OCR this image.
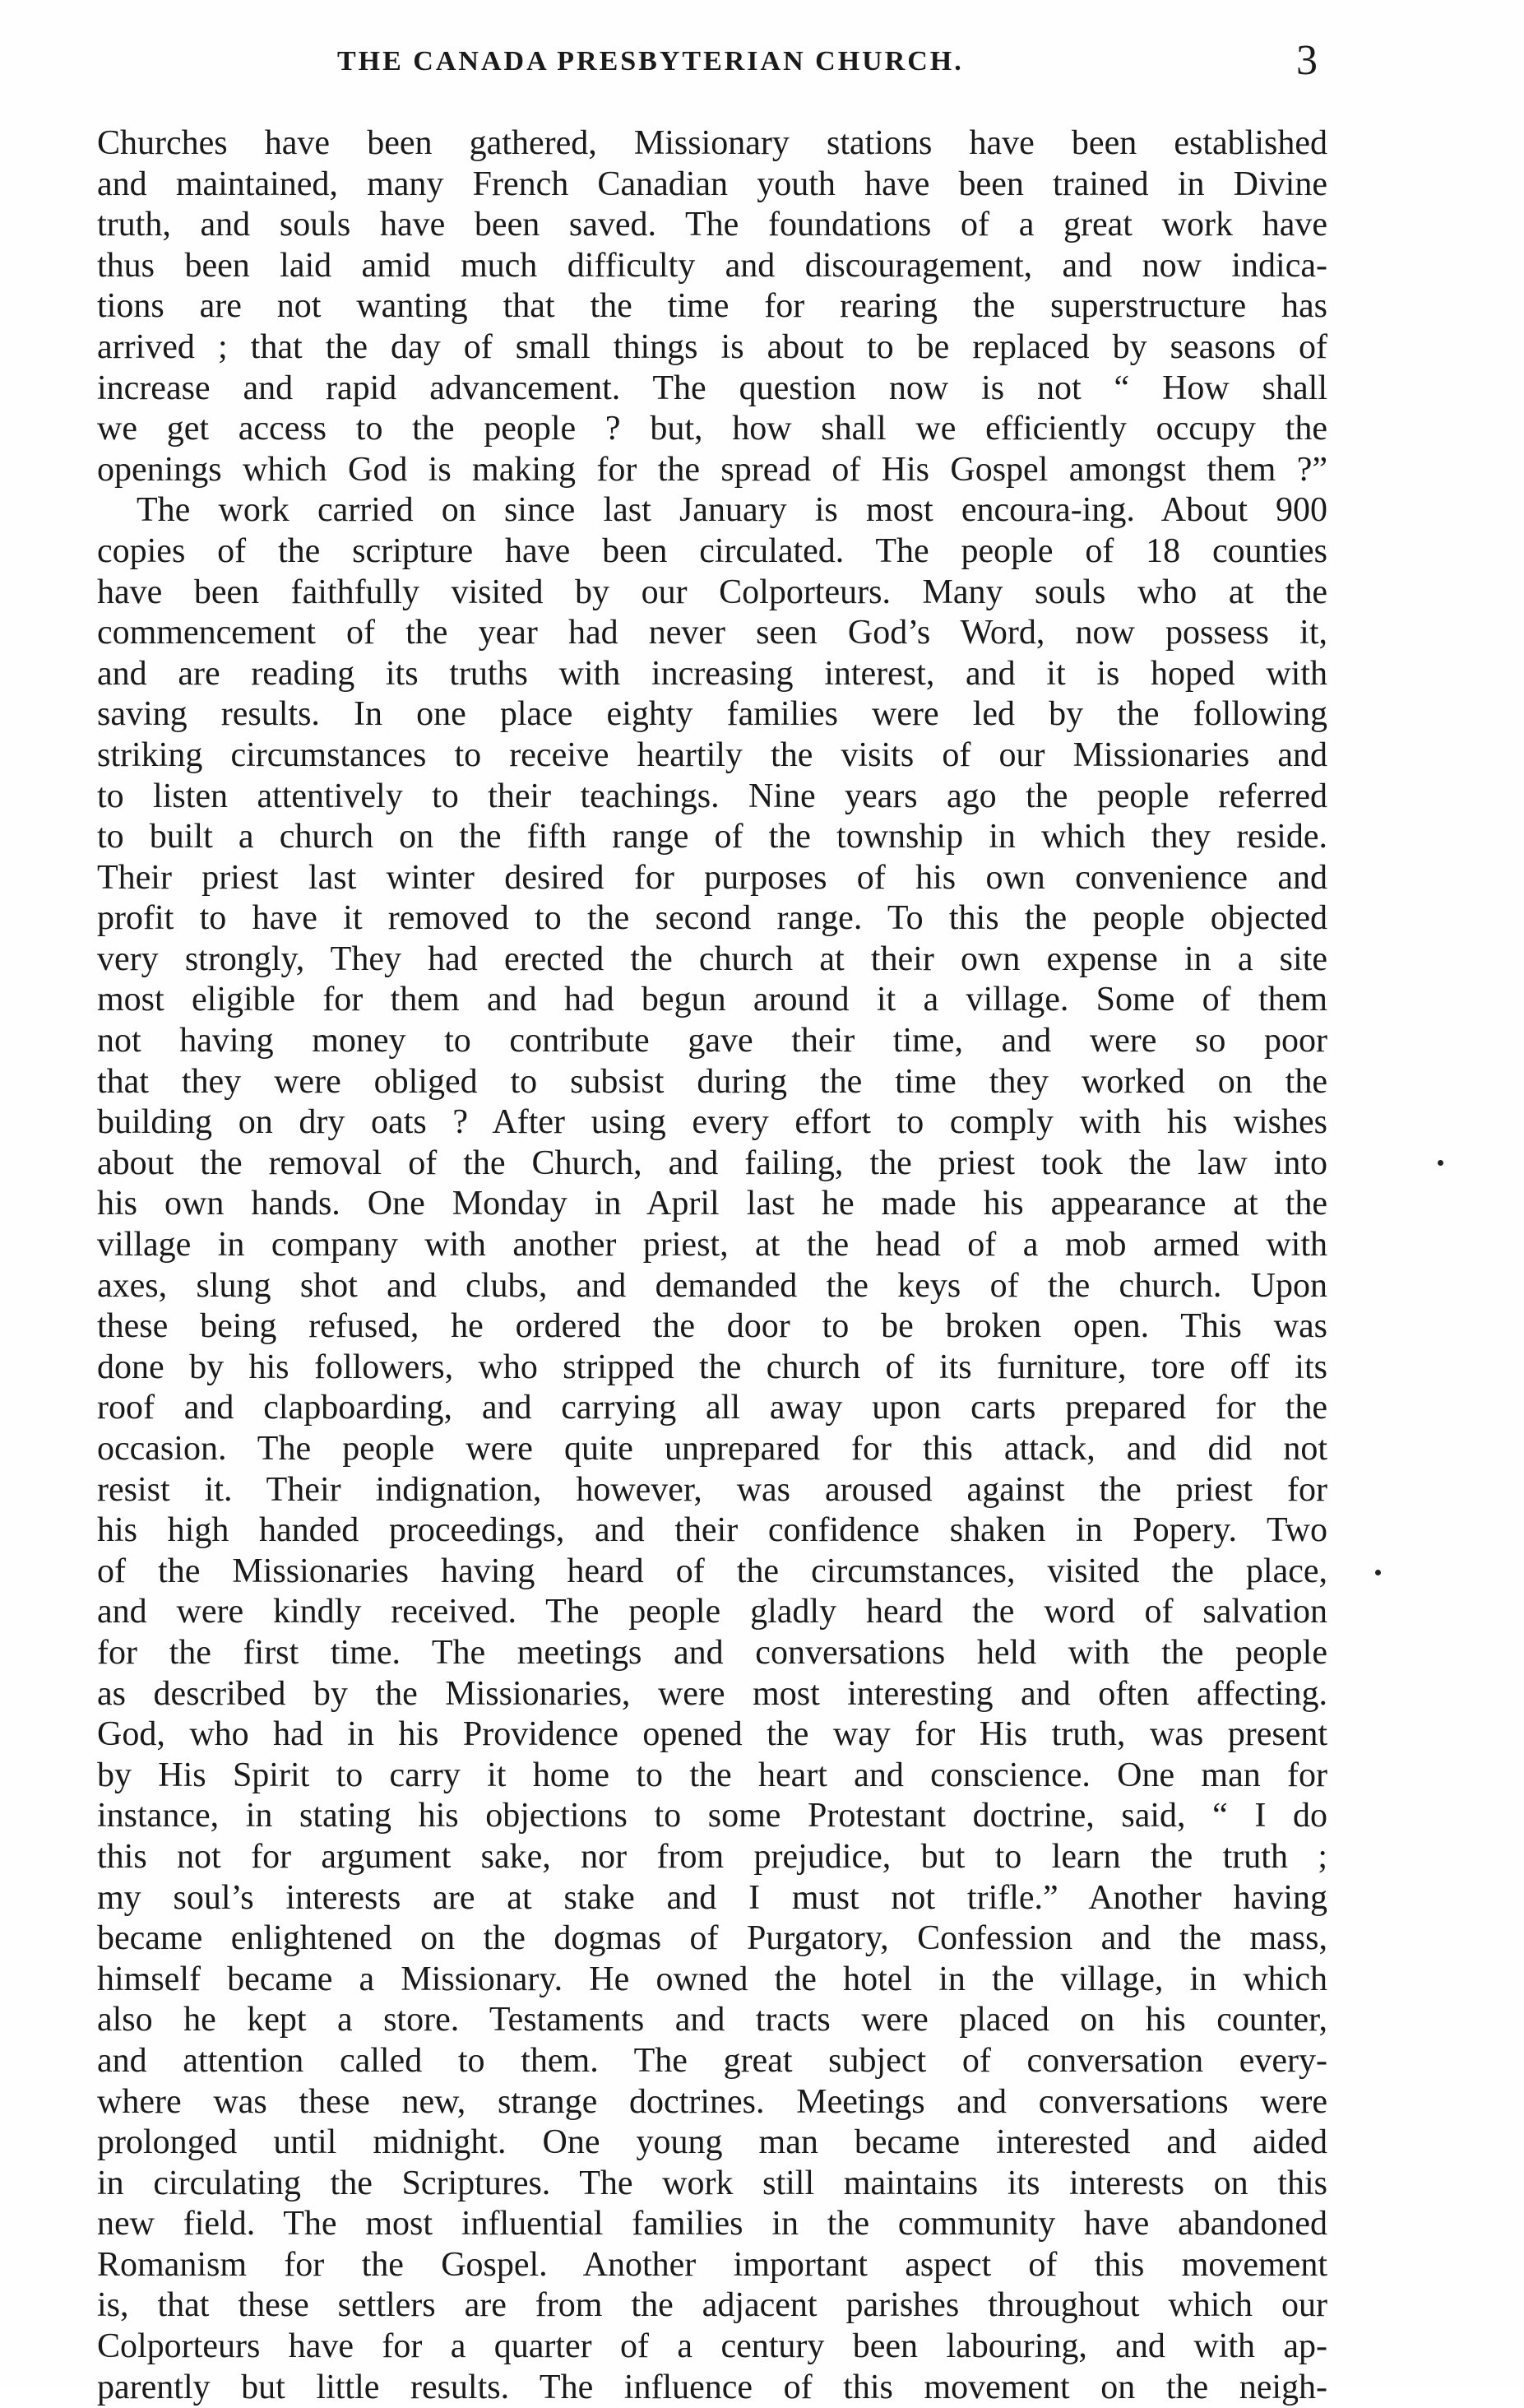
THE CANADA PRESBYTERIAN CHURCH.	3
Churches have been gathered, Missionary stations have been established
and maintained, many French Canadian youth have been trained in Divine
truth, and souls have been saved. The foundations of a great work have
thus been laid amid much difficulty and discouragement, and now indica-
tions are not wanting that the time for rearing the superstructure has
arrived ; that the day of small things is about to be replaced by seasons of
increase and rapid advancement. The question now is not “ How shall
we get access to the people ? but, how shall we efficiently occupy the
openings which God is making for the spread of His Gospel amongst them ?”
The work carried on since last January is most encoura‐ing. About 900
copies of the scripture have been circulated. The people of 18 counties
have been faithfully visited by our Colporteurs. Many souls who at the
commencement of the year had never seen God’s Word, now possess it,
and are reading its truths with increasing interest, and it is hoped with
saving results. In one place eighty families were led by the following
striking circumstances to receive heartily the visits of our Missionaries and
to listen attentively to their teachings. Nine years ago the people referred
to built a church on the fifth range of the township in which they reside.
Their priest last winter desired for purposes of his own convenience and
profit to have it removed to the second range. To this the people objected
very strongly, They had erected the church at their own expense in a site
most eligible for them and had begun around it a village. Some of them
not having money to contribute gave their time, and were so poor
that they were obliged to subsist during the time they worked on the
building on dry oats ? After using every effort to comply with his wishes
about the removal of the Church, and failing, the priest took the law into
his own hands. One Monday in April last he made his appearance at the
village in company with another priest, at the head of a mob armed with
axes, slung shot and clubs, and demanded the keys of the church. Upon
these being refused, he ordered the door to be broken open. This was
done by his followers, who stripped the church of its furniture, tore off its
roof and clapboarding, and carrying all away upon carts prepared for the
occasion. The people were quite unprepared for this attack, and did not
resist it. Their indignation, however, was aroused against the priest for
his high handed proceedings, and their confidence shaken in Popery. Two
of the Missionaries having heard of the circumstances, visited the place,
and were kindly received. The people gladly heard the word of salvation
for the first time. The meetings and conversations held with the people
as described by the Missionaries, were most interesting and often affecting.
God, who had in his Providence opened the way for His truth, was present
by His Spirit to carry it home to the heart and conscience. One man for
instance, in stating his objections to some Protestant doctrine, said, “ I do
this not for argument sake, nor from prejudice, but to learn the truth ;
my soul’s interests are at stake and I must not trifle.” Another having
became enlightened on the dogmas of Purgatory, Confession and the mass,
himself became a Missionary. He owned the hotel in the village, in which
also he kept a store. Testaments and tracts were placed on his counter,
and attention called to them. The great subject of conversation every-
where was these new, strange doctrines. Meetings and conversations were
prolonged until midnight. One young man became interested and aided
in circulating the Scriptures. The work still maintains its interests on this
new field. The most influential families in the community have abandoned
Romanism for the Gospel. Another important aspect of this movement
is, that these settlers are from the adjacent parishes throughout which our
Colporteurs have for a quarter of a century been labouring, and with ap-
parently but little results. The influence of this movement on the neigh-
